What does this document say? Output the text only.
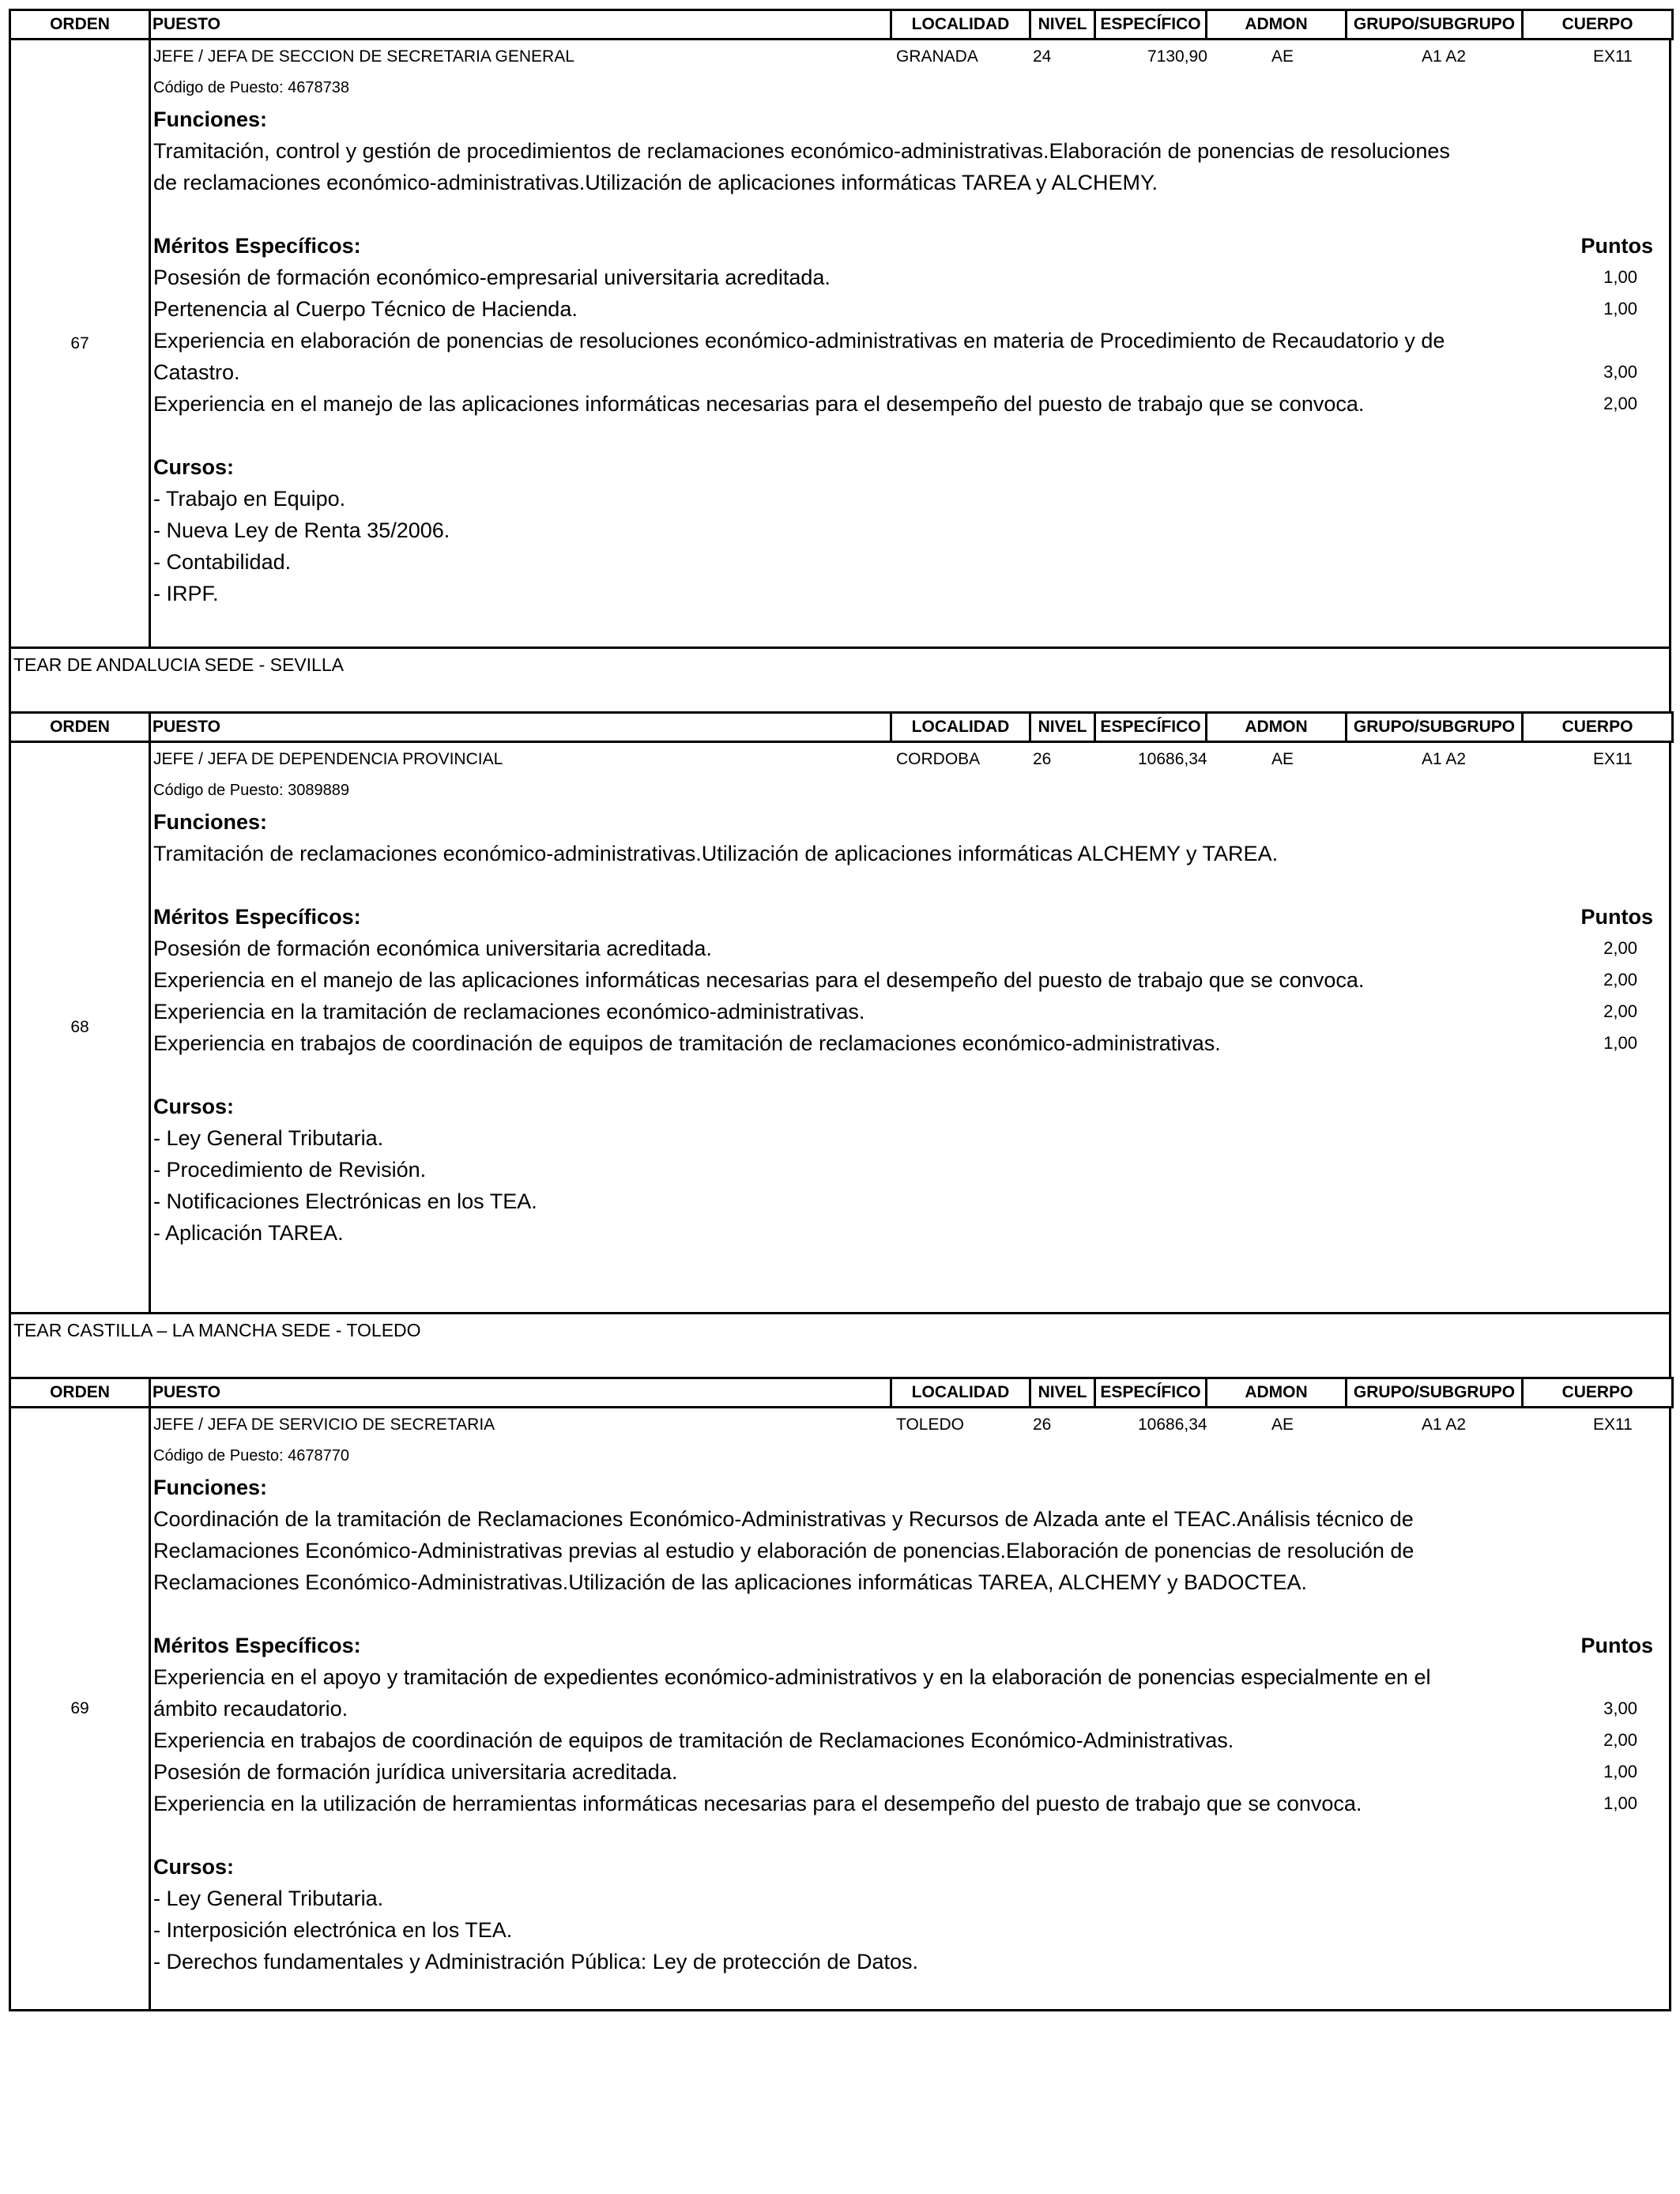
ORDEN	PUESTO	LOCALIDAD	NIVEL	ESPECÍFICO	ADMON	GRUPO/SUBGRUPO	CUERPO
67
JEFE / JEFA DE SECCION DE SECRETARIA GENERAL	GRANADA	24	7130,90	AE	A1 A2	EX11
Código de Puesto: 4678738
Funciones:
Tramitación, control y gestión de procedimientos de reclamaciones económico-administrativas.Elaboración de ponencias de resoluciones de reclamaciones económico-administrativas.Utilización de aplicaciones informáticas TAREA y ALCHEMY.
Méritos Específicos:	Puntos
Posesión de formación económico-empresarial universitaria acreditada.	1,00
Pertenencia al Cuerpo Técnico de Hacienda.	1,00
Experiencia en elaboración de ponencias de resoluciones económico-administrativas en materia de Procedimiento de Recaudatorio y de Catastro.	3,00
Experiencia en el manejo de las aplicaciones informáticas necesarias para el desempeño del puesto de trabajo que se convoca.	2,00
Cursos:
- Trabajo en Equipo.
- Nueva Ley de Renta 35/2006.
- Contabilidad.
- IRPF.
TEAR DE ANDALUCIA SEDE - SEVILLA
ORDEN	PUESTO	LOCALIDAD	NIVEL	ESPECÍFICO	ADMON	GRUPO/SUBGRUPO	CUERPO
68
JEFE / JEFA DE DEPENDENCIA PROVINCIAL	CORDOBA	26	10686,34	AE	A1 A2	EX11
Código de Puesto: 3089889
Funciones:
Tramitación de reclamaciones económico-administrativas.Utilización de aplicaciones informáticas ALCHEMY y TAREA.
Méritos Específicos:	Puntos
Posesión de formación económica universitaria acreditada.	2,00
Experiencia en el manejo de las aplicaciones informáticas necesarias para el desempeño del puesto de trabajo que se convoca.	2,00
Experiencia en la tramitación de reclamaciones económico-administrativas.	2,00
Experiencia en trabajos de coordinación de equipos de tramitación de reclamaciones económico-administrativas.	1,00
Cursos:
- Ley General Tributaria.
- Procedimiento de Revisión.
- Notificaciones Electrónicas en los TEA.
- Aplicación TAREA.
TEAR CASTILLA – LA MANCHA SEDE - TOLEDO
ORDEN	PUESTO	LOCALIDAD	NIVEL	ESPECÍFICO	ADMON	GRUPO/SUBGRUPO	CUERPO
69
JEFE / JEFA DE SERVICIO DE SECRETARIA	TOLEDO	26	10686,34	AE	A1 A2	EX11
Código de Puesto: 4678770
Funciones:
Coordinación de la tramitación de Reclamaciones Económico-Administrativas y Recursos de Alzada ante el TEAC.Análisis técnico de Reclamaciones Económico-Administrativas previas al estudio y elaboración de ponencias.Elaboración de ponencias de resolución de Reclamaciones Económico-Administrativas.Utilización de las aplicaciones informáticas TAREA, ALCHEMY y BADOCTEA.
Méritos Específicos:	Puntos
Experiencia en el apoyo y tramitación de expedientes económico-administrativos y en la elaboración de ponencias especialmente en el ámbito recaudatorio.	3,00
Experiencia en trabajos de coordinación de equipos de tramitación de Reclamaciones Económico-Administrativas.	2,00
Posesión de formación jurídica universitaria acreditada.	1,00
Experiencia en la utilización de herramientas informáticas necesarias para el desempeño del puesto de trabajo que se convoca.	1,00
Cursos:
- Ley General Tributaria.
- Interposición electrónica en los TEA.
- Derechos fundamentales y Administración Pública: Ley de protección de Datos.
